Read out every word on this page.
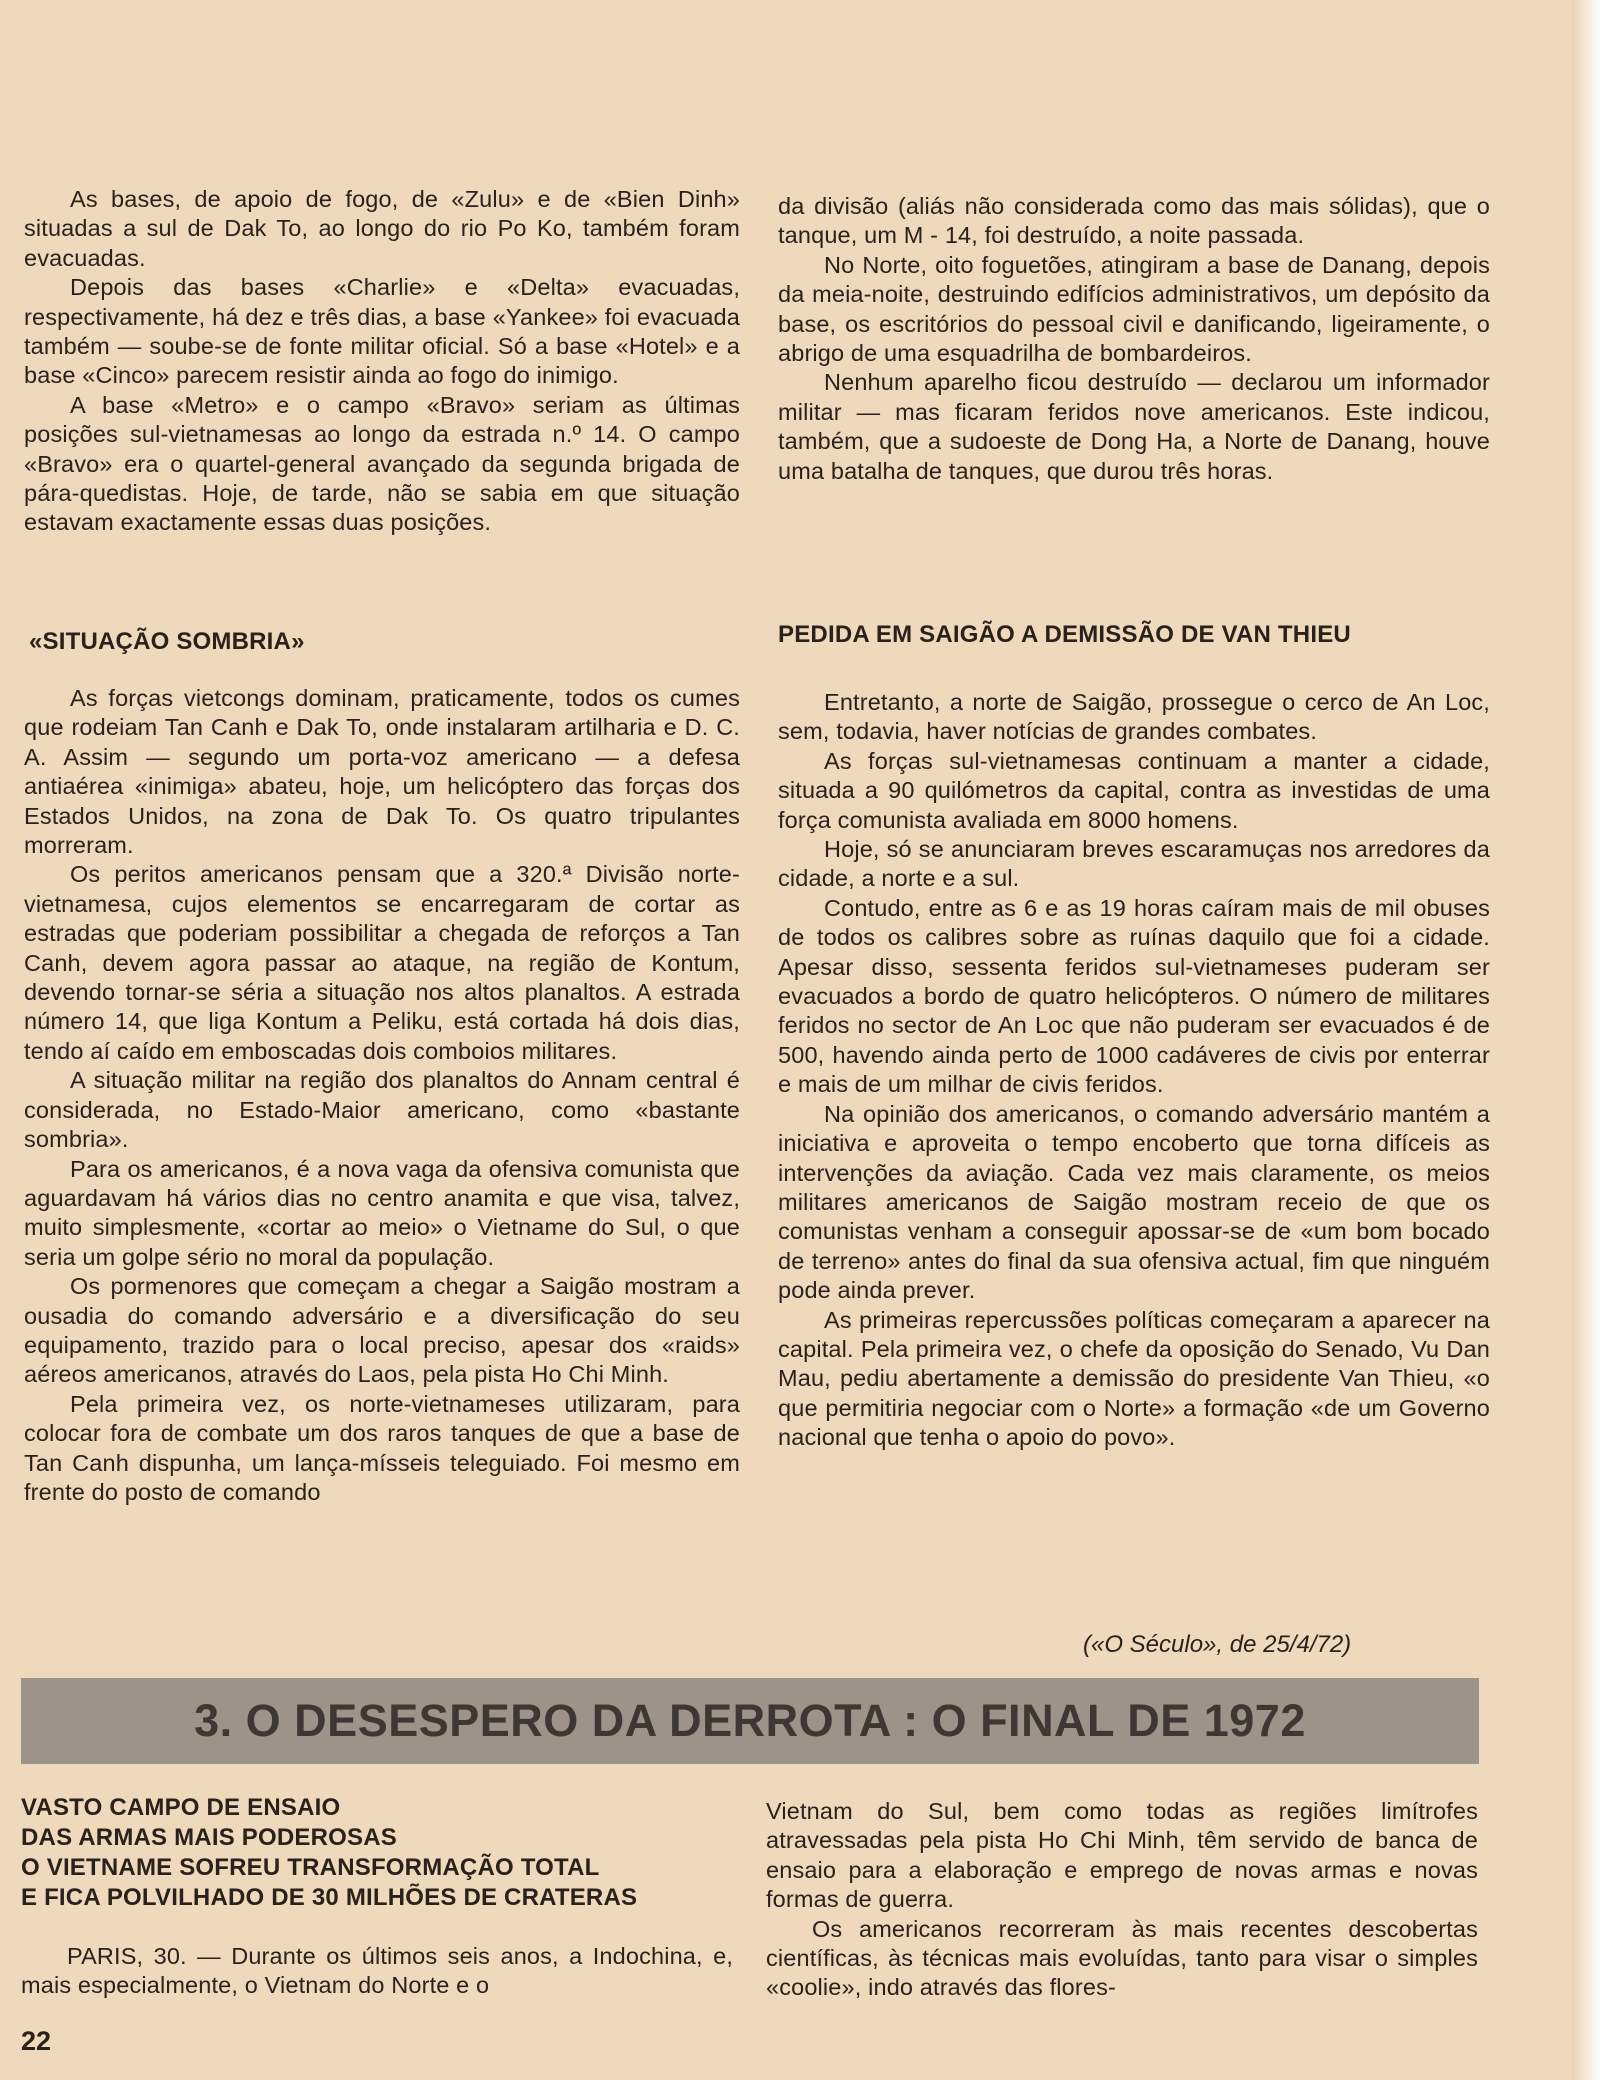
As bases, de apoio de fogo, de «Zulu» e de «Bien Dinh» situadas a sul de Dak To, ao longo do rio Po Ko, também foram evacuadas.

Depois das bases «Charlie» e «Delta» evacuadas, respectivamente, há dez e três dias, a base «Yankee» foi evacuada também — soube-se de fonte militar oficial. Só a base «Hotel» e a base «Cinco» parecem resistir ainda ao fogo do inimigo.

A base «Metro» e o campo «Bravo» seriam as últimas posições sul-vietnamesas ao longo da estrada n.º 14. O campo «Bravo» era o quartel-general avançado da segunda brigada de pára-quedistas. Hoje, de tarde, não se sabia em que situação estavam exactamente essas duas posições.

«SITUAÇÃO SOMBRIA»

As forças vietcongs dominam, praticamente, todos os cumes que rodeiam Tan Canh e Dak To, onde instalaram artilharia e D. C. A. Assim — segundo um porta-voz americano — a defesa antiaérea «inimiga» abateu, hoje, um helicóptero das forças dos Estados Unidos, na zona de Dak To. Os quatro tripulantes morreram.

Os peritos americanos pensam que a 320.ª Divisão norte-vietnamesa, cujos elementos se encarregaram de cortar as estradas que poderiam possibilitar a chegada de reforços a Tan Canh, devem agora passar ao ataque, na região de Kontum, devendo tornar-se séria a situação nos altos planaltos. A estrada número 14, que liga Kontum a Peliku, está cortada há dois dias, tendo aí caído em emboscadas dois comboios militares.

A situação militar na região dos planaltos do Annam central é considerada, no Estado-Maior americano, como «bastante sombria».

Para os americanos, é a nova vaga da ofensiva comunista que aguardavam há vários dias no centro anamita e que visa, talvez, muito simplesmente, «cortar ao meio» o Vietname do Sul, o que seria um golpe sério no moral da população.

Os pormenores que começam a chegar a Saigão mostram a ousadia do comando adversário e a diversificação do seu equipamento, trazido para o local preciso, apesar dos «raids» aéreos americanos, através do Laos, pela pista Ho Chi Minh.

Pela primeira vez, os norte-vietnameses utilizaram, para colocar fora de combate um dos raros tanques de que a base de Tan Canh dispunha, um lança-mísseis teleguiado. Foi mesmo em frente do posto de comando

da divisão (aliás não considerada como das mais sólidas), que o tanque, um M - 14, foi destruído, a noite passada.

No Norte, oito foguetões, atingiram a base de Danang, depois da meia-noite, destruindo edifícios administrativos, um depósito da base, os escritórios do pessoal civil e danificando, ligeiramente, o abrigo de uma esquadrilha de bombardeiros.

Nenhum aparelho ficou destruído — declarou um informador militar — mas ficaram feridos nove americanos. Este indicou, também, que a sudoeste de Dong Ha, a Norte de Danang, houve uma batalha de tanques, que durou três horas.

PEDIDA EM SAIGÃO A DEMISSÃO DE VAN THIEU

Entretanto, a norte de Saigão, prossegue o cerco de An Loc, sem, todavia, haver notícias de grandes combates.

As forças sul-vietnamesas continuam a manter a cidade, situada a 90 quilómetros da capital, contra as investidas de uma força comunista avaliada em 8000 homens.

Hoje, só se anunciaram breves escaramuças nos arredores da cidade, a norte e a sul.

Contudo, entre as 6 e as 19 horas caíram mais de mil obuses de todos os calibres sobre as ruínas daquilo que foi a cidade. Apesar disso, sessenta feridos sul-vietnameses puderam ser evacuados a bordo de quatro helicópteros. O número de militares feridos no sector de An Loc que não puderam ser evacuados é de 500, havendo ainda perto de 1000 cadáveres de civis por enterrar e mais de um milhar de civis feridos.

Na opinião dos americanos, o comando adversário mantém a iniciativa e aproveita o tempo encoberto que torna difíceis as intervenções da aviação. Cada vez mais claramente, os meios militares americanos de Saigão mostram receio de que os comunistas venham a conseguir apossar-se de «um bom bocado de terreno» antes do final da sua ofensiva actual, fim que ninguém pode ainda prever.

As primeiras repercussões políticas começaram a aparecer na capital. Pela primeira vez, o chefe da oposição do Senado, Vu Dan Mau, pediu abertamente a demissão do presidente Van Thieu, «o que permitiria negociar com o Norte» a formação «de um Governo nacional que tenha o apoio do povo».

(«O Século», de 25/4/72)
3. O DESESPERO DA DERROTA : O FINAL DE 1972
VASTO CAMPO DE ENSAIO
DAS ARMAS MAIS PODEROSAS
O VIETNAME SOFREU TRANSFORMAÇÃO TOTAL
E FICA POLVILHADO DE 30 MILHÕES DE CRATERAS

PARIS, 30. — Durante os últimos seis anos, a Indochina, e, mais especialmente, o Vietnam do Norte e o

Vietnam do Sul, bem como todas as regiões limítrofes atravessadas pela pista Ho Chi Minh, têm servido de banca de ensaio para a elaboração e emprego de novas armas e novas formas de guerra.

Os americanos recorreram às mais recentes descobertas científicas, às técnicas mais evoluídas, tanto para visar o simples «coolie», indo através das flores-

22
